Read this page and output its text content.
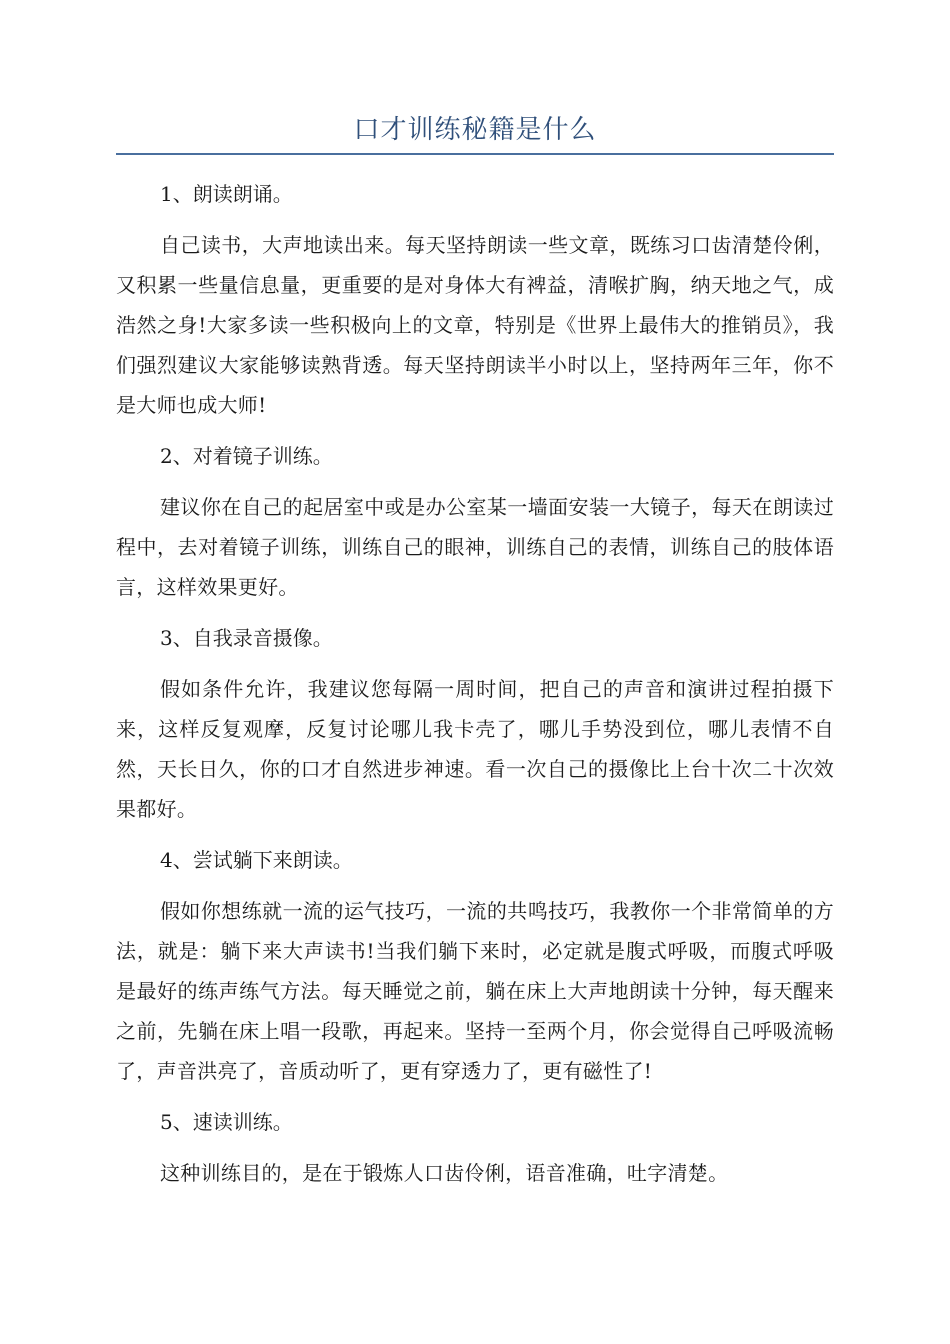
口才训练秘籍是什么

1、朗读朗诵。

自己读书，大声地读出来。每天坚持朗读一些文章，既练习口齿清楚伶俐，又积累一些量信息量，更重要的是对身体大有裨益，清喉扩胸，纳天地之气，成浩然之身!大家多读一些积极向上的文章，特别是《世界上最伟大的推销员》，我们强烈建议大家能够读熟背透。每天坚持朗读半小时以上，坚持两年三年，你不是大师也成大师!

2、对着镜子训练。

建议你在自己的起居室中或是办公室某一墙面安装一大镜子，每天在朗读过程中，去对着镜子训练，训练自己的眼神，训练自己的表情，训练自己的肢体语言，这样效果更好。

3、自我录音摄像。

假如条件允许，我建议您每隔一周时间，把自己的声音和演讲过程拍摄下来，这样反复观摩，反复讨论哪儿我卡壳了，哪儿手势没到位，哪儿表情不自然，天长日久，你的口才自然进步神速。看一次自己的摄像比上台十次二十次效果都好。

4、尝试躺下来朗读。

假如你想练就一流的运气技巧，一流的共鸣技巧，我教你一个非常简单的方法，就是：躺下来大声读书!当我们躺下来时，必定就是腹式呼吸，而腹式呼吸是最好的练声练气方法。每天睡觉之前，躺在床上大声地朗读十分钟，每天醒来之前，先躺在床上唱一段歌，再起来。坚持一至两个月，你会觉得自己呼吸流畅了，声音洪亮了，音质动听了，更有穿透力了，更有磁性了!

5、速读训练。

这种训练目的，是在于锻炼人口齿伶俐，语音准确，吐字清楚。
